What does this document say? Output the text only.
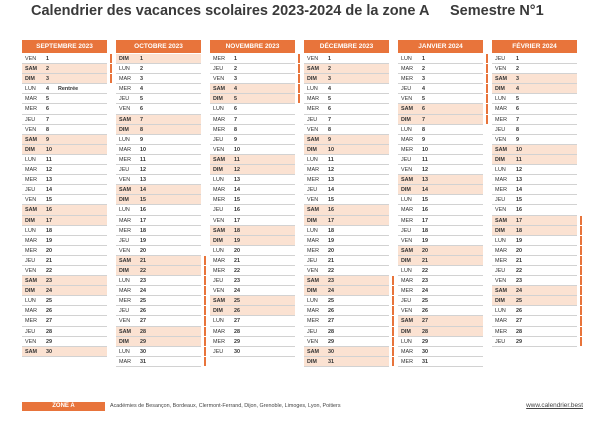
Calendrier des vacances scolaires 2023-2024 de la zone A Semestre N°1
SEPTEMBRE 2023
VEN 1
SAM 2
DIM 3
LUN 4 Rentrée
MAR 5
MER 6
JEU 7
VEN 8
SAM 9
DIM 10
LUN 11
MAR 12
MER 13
JEU 14
VEN 15
SAM 16
DIM 17
LUN 18
MAR 19
MER 20
JEU 21
VEN 22
SAM 23
DIM 24
LUN 25
MAR 26
MER 27
JEU 28
VEN 29
SAM 30
OCTOBRE 2023
DIM 1
LUN 2
MAR 3
MER 4
JEU 5
VEN 6
SAM 7
DIM 8
LUN 9
MAR 10
MER 11
JEU 12
VEN 13
SAM 14
DIM 15
LUN 16
MAR 17
MER 18
JEU 19
VEN 20
SAM 21
DIM 22
LUN 23
MAR 24
MER 25
JEU 26
VEN 27
SAM 28
DIM 29
LUN 30
MAR 31
NOVEMBRE 2023
MER 1
JEU 2
VEN 3
SAM 4
DIM 5
LUN 6
MAR 7
MER 8
JEU 9
VEN 10
SAM 11
DIM 12
LUN 13
MAR 14
MER 15
JEU 16
VEN 17
SAM 18
DIM 19
LUN 20
MAR 21
MER 22
JEU 23
VEN 24
SAM 25
DIM 26
LUN 27
MAR 28
MER 29
JEU 30
DÉCEMBRE 2023
VEN 1
SAM 2
DIM 3
LUN 4
MAR 5
MER 6
JEU 7
VEN 8
SAM 9
DIM 10
LUN 11
MAR 12
MER 13
JEU 14
VEN 15
SAM 16
DIM 17
LUN 18
MAR 19
MER 20
JEU 21
VEN 22
SAM 23
DIM 24
LUN 25
MAR 26
MER 27
JEU 28
VEN 29
SAM 30
DIM 31
JANVIER 2024
LUN 1
MAR 2
MER 3
JEU 4
VEN 5
SAM 6
DIM 7
LUN 8
MAR 9
MER 10
JEU 11
VEN 12
SAM 13
DIM 14
LUN 15
MAR 16
MER 17
JEU 18
VEN 19
SAM 20
DIM 21
LUN 22
MAR 23
MER 24
JEU 25
VEN 26
SAM 27
DIM 28
LUN 29
MAR 30
MER 31
FÉVRIER 2024
JEU 1
VEN 2
SAM 3
DIM 4
LUN 5
MAR 6
MER 7
JEU 8
VEN 9
SAM 10
DIM 11
LUN 12
MAR 13
MER 14
JEU 15
VEN 16
SAM 17
DIM 18
LUN 19
MAR 20
MER 21
JEU 22
VEN 23
SAM 24
DIM 25
LUN 26
MAR 27
MER 28
JEU 29
ZONE A	Académies de Besançon, Bordeaux, Clermont-Ferrand, Dijon, Grenoble, Limoges, Lyon, Poitiers	www.calendrier.best
